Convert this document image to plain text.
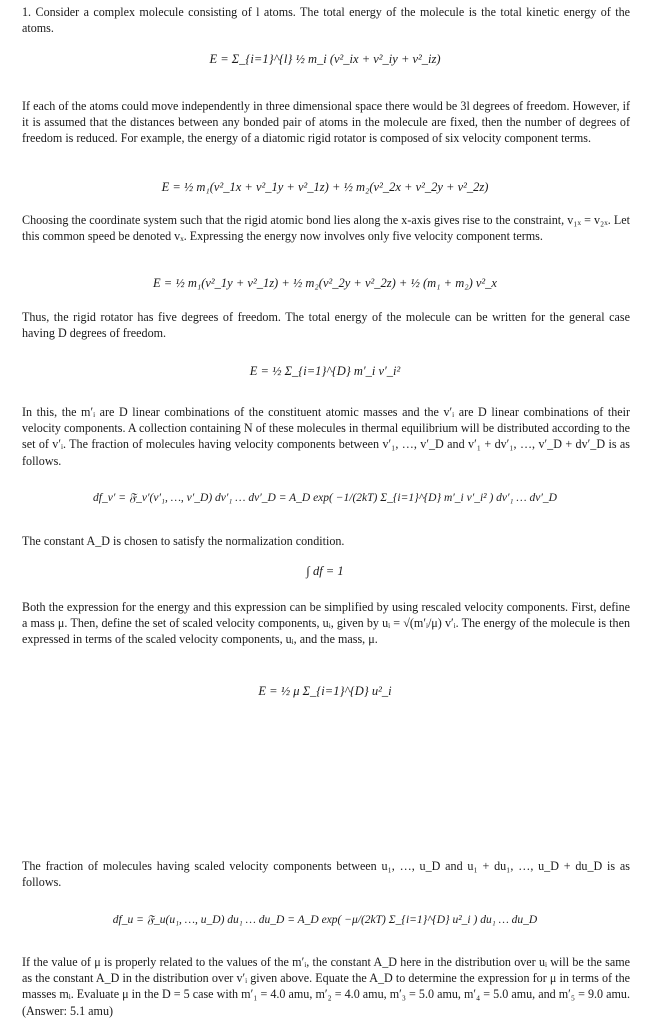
1. Consider a complex molecule consisting of l atoms. The total energy of the molecule is the total kinetic energy of the atoms.

E = Σ_{i=1}^{l} ½ m_i (v²_ix + v²_iy + v²_iz)

If each of the atoms could move independently in three dimensional space there would be 3l degrees of freedom. However, if it is assumed that the distances between any bonded pair of atoms in the molecule are fixed, then the number of degrees of freedom is reduced. For example, the energy of a diatomic rigid rotator is composed of six velocity component terms.

E = ½ m₁(v²_1x + v²_1y + v²_1z) + ½ m₂(v²_2x + v²_2y + v²_2z)

Choosing the coordinate system such that the rigid atomic bond lies along the x-axis gives rise to the constraint, v₁ₓ = v₂ₓ. Let this common speed be denoted vₓ. Expressing the energy now involves only five velocity component terms.

E = ½ m₁(v²_1y + v²_1z) + ½ m₂(v²_2y + v²_2z) + ½ (m₁ + m₂) v²_x

Thus, the rigid rotator has five degrees of freedom. The total energy of the molecule can be written for the general case having D degrees of freedom.

E = ½ Σ_{i=1}^{D} m′_i v′_i²

In this, the m′ᵢ are D linear combinations of the constituent atomic masses and the v′ᵢ are D linear combinations of their velocity components. A collection containing N of these molecules in thermal equilibrium will be distributed according to the set of v′ᵢ. The fraction of molecules having velocity components between v′₁, …, v′_D and v′₁ + dv′₁, …, v′_D + dv′_D is as follows.

df_v′ = 𝔉_v′(v′₁, …, v′_D) dv′₁ … dv′_D = A_D exp( −1/(2kT) Σ_{i=1}^{D} m′_i v′_i² ) dv′₁ … dv′_D

The constant A_D is chosen to satisfy the normalization condition.

∫ df = 1

Both the expression for the energy and this expression can be simplified by using rescaled velocity components. First, define a mass μ. Then, define the set of scaled velocity components, uᵢ, given by uᵢ = √(m′ᵢ/μ) v′ᵢ. The energy of the molecule is then expressed in terms of the scaled velocity components, uᵢ, and the mass, μ.

E = ½ μ Σ_{i=1}^{D} u²_i

The fraction of molecules having scaled velocity components between u₁, …, u_D and u₁ + du₁, …, u_D + du_D is as follows.

df_u = 𝔉_u(u₁, …, u_D) du₁ … du_D = A_D exp( −μ/(2kT) Σ_{i=1}^{D} u²_i ) du₁ … du_D

If the value of μ is properly related to the values of the m′ᵢ, the constant A_D here in the distribution over uᵢ will be the same as the constant A_D in the distribution over v′ᵢ given above. Equate the A_D to determine the expression for μ in terms of the masses mᵢ. Evaluate μ in the D = 5 case with m′₁ = 4.0 amu, m′₂ = 4.0 amu, m′₃ = 5.0 amu, m′₄ = 5.0 amu, and m′₅ = 9.0 amu. (Answer: 5.1 amu)
